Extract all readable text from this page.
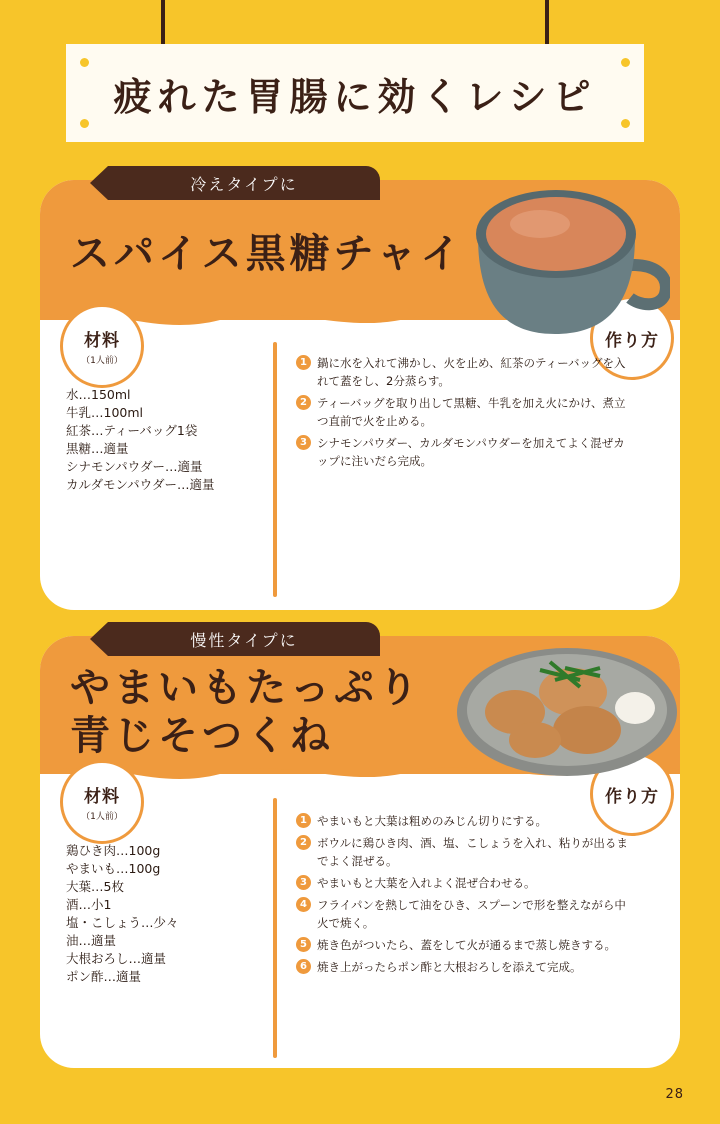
疲れた胃腸に効くレシピ
スパイス黒糖チャイ
材料
（1人前）
作り方
水…150ml
牛乳…100ml
紅茶…ティーバッグ1袋
黒糖…適量
シナモンパウダー…適量
カルダモンパウダー…適量
1 鍋に水を入れて沸かし、火を止め、紅茶のティーバッグを入れて蓋をし、2分蒸らす。
2 ティーバッグを取り出して黒糖、牛乳を加え火にかけ、煮立つ直前で火を止める。
3 シナモンパウダー、カルダモンパウダーを加えてよく混ぜカップに注いだら完成。
冷えタイプに
やまいもたっぷり
青じそつくね
材料
（1人前）
作り方
鶏ひき肉…100g
やまいも…100g
大葉…5枚
酒…小1
塩・こしょう…少々
油…適量
大根おろし…適量
ポン酢…適量
1 やまいもと大葉は粗めのみじん切りにする。
2 ボウルに鶏ひき肉、酒、塩、こしょうを入れ、粘りが出るまでよく混ぜる。
3 やまいもと大葉を入れよく混ぜ合わせる。
4 フライパンを熱して油をひき、スプーンで形を整えながら中火で焼く。
5 焼き色がついたら、蓋をして火が通るまで蒸し焼きする。
6 焼き上がったらポン酢と大根おろしを添えて完成。
慢性タイプに
28
